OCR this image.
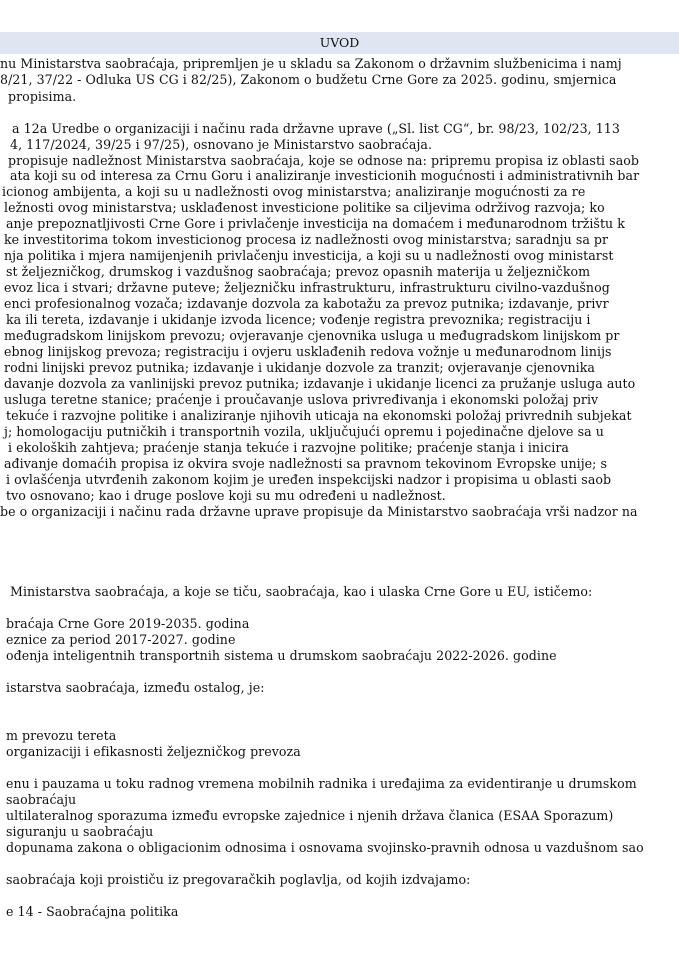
UVOD
nu Ministarstva saobraćaja, pripremljen je u skladu sa Zakonom o državnim službenicima i namj
8/21, 37/22 - Odluka US CG i 82/25), Zakonom o budžetu Crne Gore za 2025. godinu, smjernica
propisima.
a 12a Uredbe o organizaciji i načinu rada državne uprave („Sl. list CG“, br. 98/23, 102/23, 113
4, 117/2024, 39/25 i 97/25), osnovano je Ministarstvo saobraćaja.
propisuje nadležnost Ministarstva saobraćaja, koje se odnose na: pripremu propisa iz oblasti saob
ata koji su od interesa za Crnu Goru i analiziranje investicionih mogućnosti i administrativnih bar
icionog ambijenta, a koji su u nadležnosti ovog ministarstva; analiziranje mogućnosti za re
ležnosti ovog ministarstva; usklađenost investicione politike sa ciljevima održivog razvoja; ko
anje prepoznatljivosti Crne Gore i privlačenje investicija na domaćem i međunarodnom tržištu k
ke investitorima tokom investicionog procesa iz nadležnosti ovog ministarstva; saradnju sa pr
nja politika i mjera namijenjenih privlačenju investicija, a koji su u nadležnosti ovog ministarst
st željezničkog, drumskog i vazdušnog saobraćaja; prevoz opasnih materija u željezničkom
evoz lica i stvari; državne puteve; željezničku infrastrukturu, infrastrukturu civilno-vazdušnog
enci profesionalnog vozača; izdavanje dozvola za kabotažu za prevoz putnika; izdavanje, privr
ka ili tereta, izdavanje i ukidanje izvoda licence; vođenje registra prevoznika; registraciju i
međugradskom linijskom prevozu; ovjeravanje cjenovnika usluga u međugradskom linijskom pr
ebnog linijskog prevoza; registraciju i ovjeru usklađenih redova vožnje u međunarodnom linijs
rodni linijski prevoz putnika; izdavanje i ukidanje dozvole za tranzit; ovjeravanje cjenovnika
davanje dozvola za vanlinijski prevoz putnika; izdavanje i ukidanje licenci za pružanje usluga auto
usluga teretne stanice; praćenje i proučavanje uslova privređivanja i ekonomski položaj priv
tekuće i razvojne politike i analiziranje njihovih uticaja na ekonomski položaj privrednih subjekat
j; homologaciju putničkih i transportnih vozila, uključujući opremu i pojedinačne djelove sa u
i ekoloških zahtjeva; praćenje stanja tekuće i razvojne politike; praćenje stanja i inicira
ađivanje domaćih propisa iz okvira svoje nadležnosti sa pravnom tekovinom Evropske unije; s
i ovlašćenja utvrđenih zakonom kojim je uređen inspekcijski nadzor i propisima u oblasti saob
tvo osnovano; kao i druge poslove koji su mu određeni u nadležnost.
be o organizaciji i načinu rada državne uprave propisuje da Ministarstvo saobraćaja vrši nadzor na
Ministarstva saobraćaja, a koje se tiču, saobraćaja, kao i ulaska Crne Gore u EU, ističemo:
braćaja Crne Gore 2019-2035. godina
eznice za period 2017-2027. godine
ođenja inteligentnih transportnih sistema u drumskom saobraćaju 2022-2026. godine
istarstva saobraćaja, između ostalog, je:
m prevozu tereta
organizaciji i efikasnosti željezničkog prevoza
enu i pauzama u toku radnog vremena mobilnih radnika i uređajima za evidentiranje u drumskom
saobraćaju
ultilateralnog sporazuma između evropske zajednice i njenih država članica (ESAA Sporazum)
siguranju u saobraćaju
dopunama zakona o obligacionim odnosima i osnovama svojinsko-pravnih odnosa u vazdušnom sao
saobraćaja koji proističu iz pregovaračkih poglavlja, od kojih izdvajamo:
e 14 - Saobraćajna politika
